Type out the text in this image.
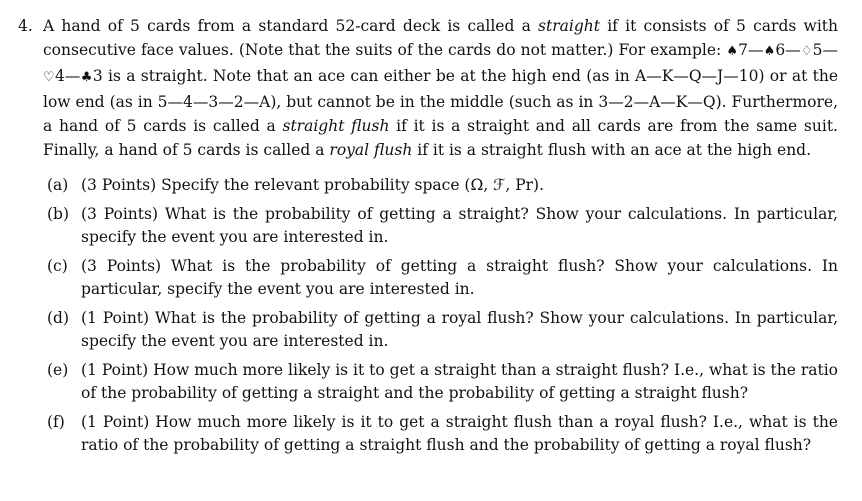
4. A hand of 5 cards from a standard 52-card deck is called a straight if it consists of 5 cards with consecutive face values. (Note that the suits of the cards do not matter.) For example: ♠7—♠6—♢5—♡4—♣3 is a straight. Note that an ace can either be at the high end (as in A—K—Q—J—10) or at the low end (as in 5—4—3—2—A), but cannot be in the middle (such as in 3—2—A—K—Q). Furthermore, a hand of 5 cards is called a straight flush if it is a straight and all cards are from the same suit. Finally, a hand of 5 cards is called a royal flush if it is a straight flush with an ace at the high end.

(a) (3 Points) Specify the relevant probability space (Ω, ℱ, Pr).
(b) (3 Points) What is the probability of getting a straight? Show your calculations. In particular, specify the event you are interested in.
(c) (3 Points) What is the probability of getting a straight flush? Show your calculations. In particular, specify the event you are interested in.
(d) (1 Point) What is the probability of getting a royal flush? Show your calculations. In particular, specify the event you are interested in.
(e) (1 Point) How much more likely is it to get a straight than a straight flush? I.e., what is the ratio of the probability of getting a straight and the probability of getting a straight flush?
(f)	(1 Point) How much more likely is it to get a straight flush than a royal flush? I.e., what is the ratio of the probability of getting a straight flush and the probability of getting a royal flush?
